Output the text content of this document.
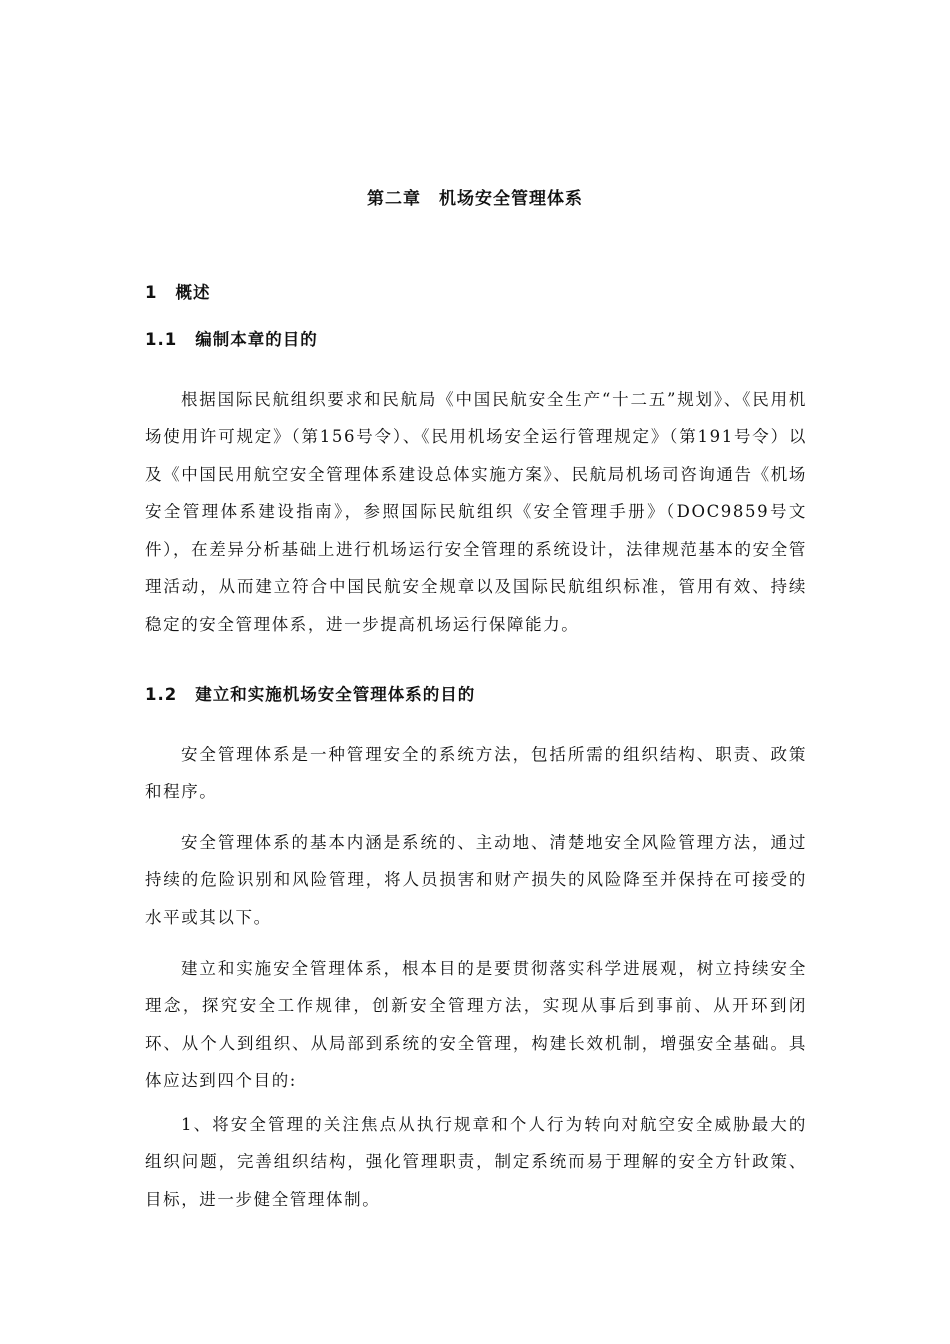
第二章　机场安全管理体系
1 概述
1.1 编制本章的目的

根据国际民航组织要求和民航局《中国民航安全生产“十二五”规划》、《民用机场使用许可规定》（第156号令）、《民用机场安全运行管理规定》（第191号令）以及《中国民用航空安全管理体系建设总体实施方案》、民航局机场司咨询通告《机场安全管理体系建设指南》，参照国际民航组织《安全管理手册》（DOC9859号文件），在差异分析基础上进行机场运行安全管理的系统设计，法律规范基本的安全管理活动，从而建立符合中国民航安全规章以及国际民航组织标准，管用有效、持续稳定的安全管理体系，进一步提高机场运行保障能力。

1.2 建立和实施机场安全管理体系的目的

安全管理体系是一种管理安全的系统方法，包括所需的组织结构、职责、政策和程序。

安全管理体系的基本内涵是系统的、主动地、清楚地安全风险管理方法，通过持续的危险识别和风险管理，将人员损害和财产损失的风险降至并保持在可接受的水平或其以下。

建立和实施安全管理体系，根本目的是要贯彻落实科学进展观，树立持续安全理念，探究安全工作规律，创新安全管理方法，实现从事后到事前、从开环到闭环、从个人到组织、从局部到系统的安全管理，构建长效机制，增强安全基础。具体应达到四个目的:

1、将安全管理的关注焦点从执行规章和个人行为转向对航空安全威胁最大的组织问题，完善组织结构，强化管理职责，制定系统而易于理解的安全方针政策、目标，进一步健全管理体制。
